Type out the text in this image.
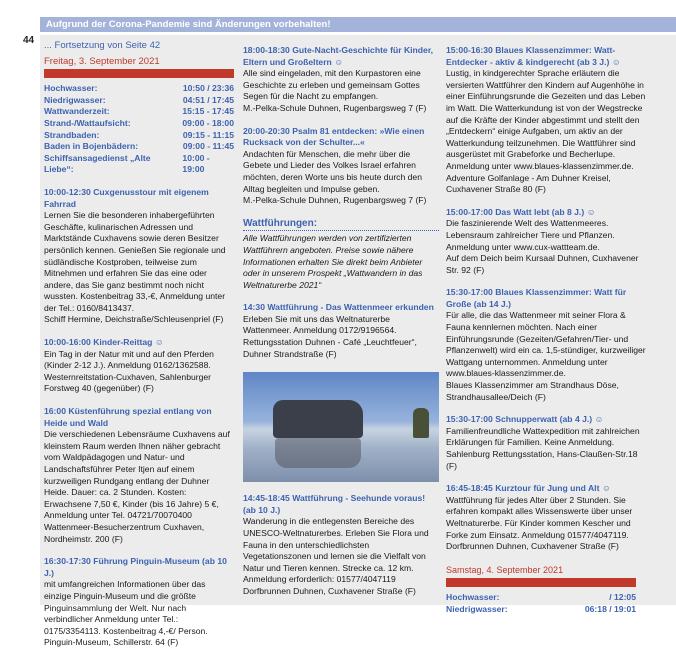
Aufgrund der Corona-Pandemie sind Änderungen vorbehalten!
44 ... Fortsetzung von Seite 42
Freitag, 3. September 2021
Hochwasser:	10:50 / 23:36
Niedrigwasser:	04:51 / 17:45
Wattwanderzeit:	15:15 - 17:45
Strand-/Wattaufsicht:	09:00 - 18:00
Strandbaden:	09:15 - 11:15
Baden in Bojenbädern:	09:00 - 11:45
Schiffsansagedienst „Alte Liebe“:
10:00 - 19:00

10:00-12:30 Cuxgenusstour mit eigenem Fahrrad

Lernen Sie die besonderen inhabergeführten Geschäfte, kulinarischen Adressen und Marktstände Cuxhavens sowie deren Besitzer persönlich kennen. Genießen Sie regionale und südländische Kostproben, teilweise zum Mitnehmen und erfahren Sie das eine oder andere, das Sie ganz bestimmt noch nicht wussten. Kostenbeitrag 33,-€, Anmeldung unter der Tel.: 0160/8413437.

Schiff Hermine, Deichstraße/Schleusenpriel (F)

10:00-16:00 Kinder-Reittag ☺

Ein Tag in der Natur mit und auf den Pferden (Kinder 2-12 J.). Anmeldung 0162/1362588.

Westernreitstation-Cuxhaven, Sahlenburger Forstweg 40 (gegenüber) (F)

16:00 Küstenführung spezial entlang von Heide und Wald

Die verschiedenen Lebensräume Cuxhavens auf kleinstem Raum werden Ihnen näher gebracht vom Waldpädagogen und Natur- und Landschaftsführer Peter Itjen auf einem kurzweiligen Rundgang entlang der Duhner Heide. Dauer: ca. 2 Stunden. Kosten: Erwachsene 7,50 €, Kinder (bis 16 Jahre) 5 €, Anmeldung unter Tel. 04721/70070400

Wattenmeer-Besucherzentrum Cuxhaven, Nordheimstr. 200 (F)

16:30-17:30 Führung Pinguin-Museum (ab 10 J.)

mit umfangreichen Informationen über das einzige Pinguin-Museum und die größte Pinguinsammlung der Welt. Nur nach verbindlicher Anmeldung unter Tel.: 0175/3354113. Kostenbeitrag 4,-€/ Person.

Pinguin-Museum, Schillerstr. 64 (F)

18:00-18:30 Gute-Nacht-Geschichte für Kinder, Eltern und Großeltern ☺

Alle sind eingeladen, mit den Kurpastoren eine Geschichte zu erleben und gemeinsam Gottes Segen für die Nacht zu empfangen.

M.-Pelka-Schule Duhnen, Rugenbargsweg 7 (F)

20:00-20:30 Psalm 81 entdecken: »Wie einen Rucksack von der Schulter...«

Andachten für Menschen, die mehr über die Gebete und Lieder des Volkes Israel erfahren möchten, deren Worte uns bis heute durch den Alltag begleiten und Impulse geben.

M.-Pelka-Schule Duhnen, Rugenbargsweg 7 (F)

Wattführungen:
Alle Wattführungen werden von zertifizierten Wattführern angeboten. Preise sowie nähere Informationen erhalten Sie direkt beim Anbieter oder in unserem Prospekt „Wattwandern in das Weltnaturerbe 2021“

14:30 Wattführung - Das Wattenmeer erkunden

Erleben Sie mit uns das Weltnaturerbe Wattenmeer. Anmeldung 0172/9196564.

Rettungsstation Duhnen - Café „Leuchtfeuer“, Duhner Strandstraße (F)

14:45-18:45 Wattführung - Seehunde voraus! (ab 10 J.)

Wanderung in die entlegensten Bereiche des UNESCO-Weltnaturerbes. Erleben Sie Flora und Fauna in den unterschiedlichsten Vegetationszonen und lernen sie die Vielfalt von Natur und Tieren kennen. Strecke ca. 12 km. Anmeldung erforderlich: 01577/4047119

Dorfbrunnen Duhnen, Cuxhavener Straße (F)

15:00-16:30 Blaues Klassenzimmer: Watt-Entdecker - aktiv & kindgerecht (ab 3 J.) ☺

Lustig, in kindgerechter Sprache erläutern die versierten Wattführer den Kindern auf Augenhöhe in einer Einführungsrunde die Gezeiten und das Leben im Watt. Die Watterkundung ist von der Wegstrecke auf die Kräfte der Kinder abgestimmt und stellt den „Entdeckern“ einige Aufgaben, um aktiv an der Watterkundung teilzunehmen. Die Wattführer sind ausgerüstet mit Grabeforke und Becherlupe. Anmeldung unter www.blaues-klassenzimmer.de.

Adventure Golfanlage - Am Duhner Kreisel, Cuxhavener Straße 80 (F)

15:00-17:00 Das Watt lebt (ab 8 J.) ☺

Die faszinierende Welt des Wattenmeeres. Lebensraum zahlreicher Tiere und Pflanzen. Anmeldung unter www.cux-wattteam.de.

Auf dem Deich beim Kursaal Duhnen, Cuxhavener Str. 92 (F)

15:30-17:00 Blaues Klassenzimmer: Watt für Große (ab 14 J.)

Für alle, die das Wattenmeer mit seiner Flora & Fauna kennlernen möchten. Nach einer Einführungsrunde (Gezeiten/Gefahren/Tier- und Pflanzenwelt) wird ein ca. 1,5-stündiger, kurzweiliger Wattgang unternommen. Anmeldung unter www.blaues-klassenzimmer.de.

Blaues Klassenzimmer am Strandhaus Döse, Strandhausallee/Deich (F)

15:30-17:00 Schnupperwatt (ab 4 J.) ☺

Familienfreundliche Wattexpedition mit zahlreichen Erklärungen für Familien. Keine Anmeldung.

Sahlenburg Rettungsstation, Hans-Claußen-Str.18 (F)

16:45-18:45 Kurztour für Jung und Alt ☺

Wattführung für jedes Alter über 2 Stunden. Sie erfahren kompakt alles Wissenswerte über unser Weltnaturerbe. Für Kinder kommen Kescher und Forke zum Einsatz. Anmeldung 01577/4047119.

Dorfbrunnen Duhnen, Cuxhavener Straße (F)

Samstag, 4. September 2021
Hochwasser:	/ 12:05
Niedrigwasser:	06:18 / 19:01
